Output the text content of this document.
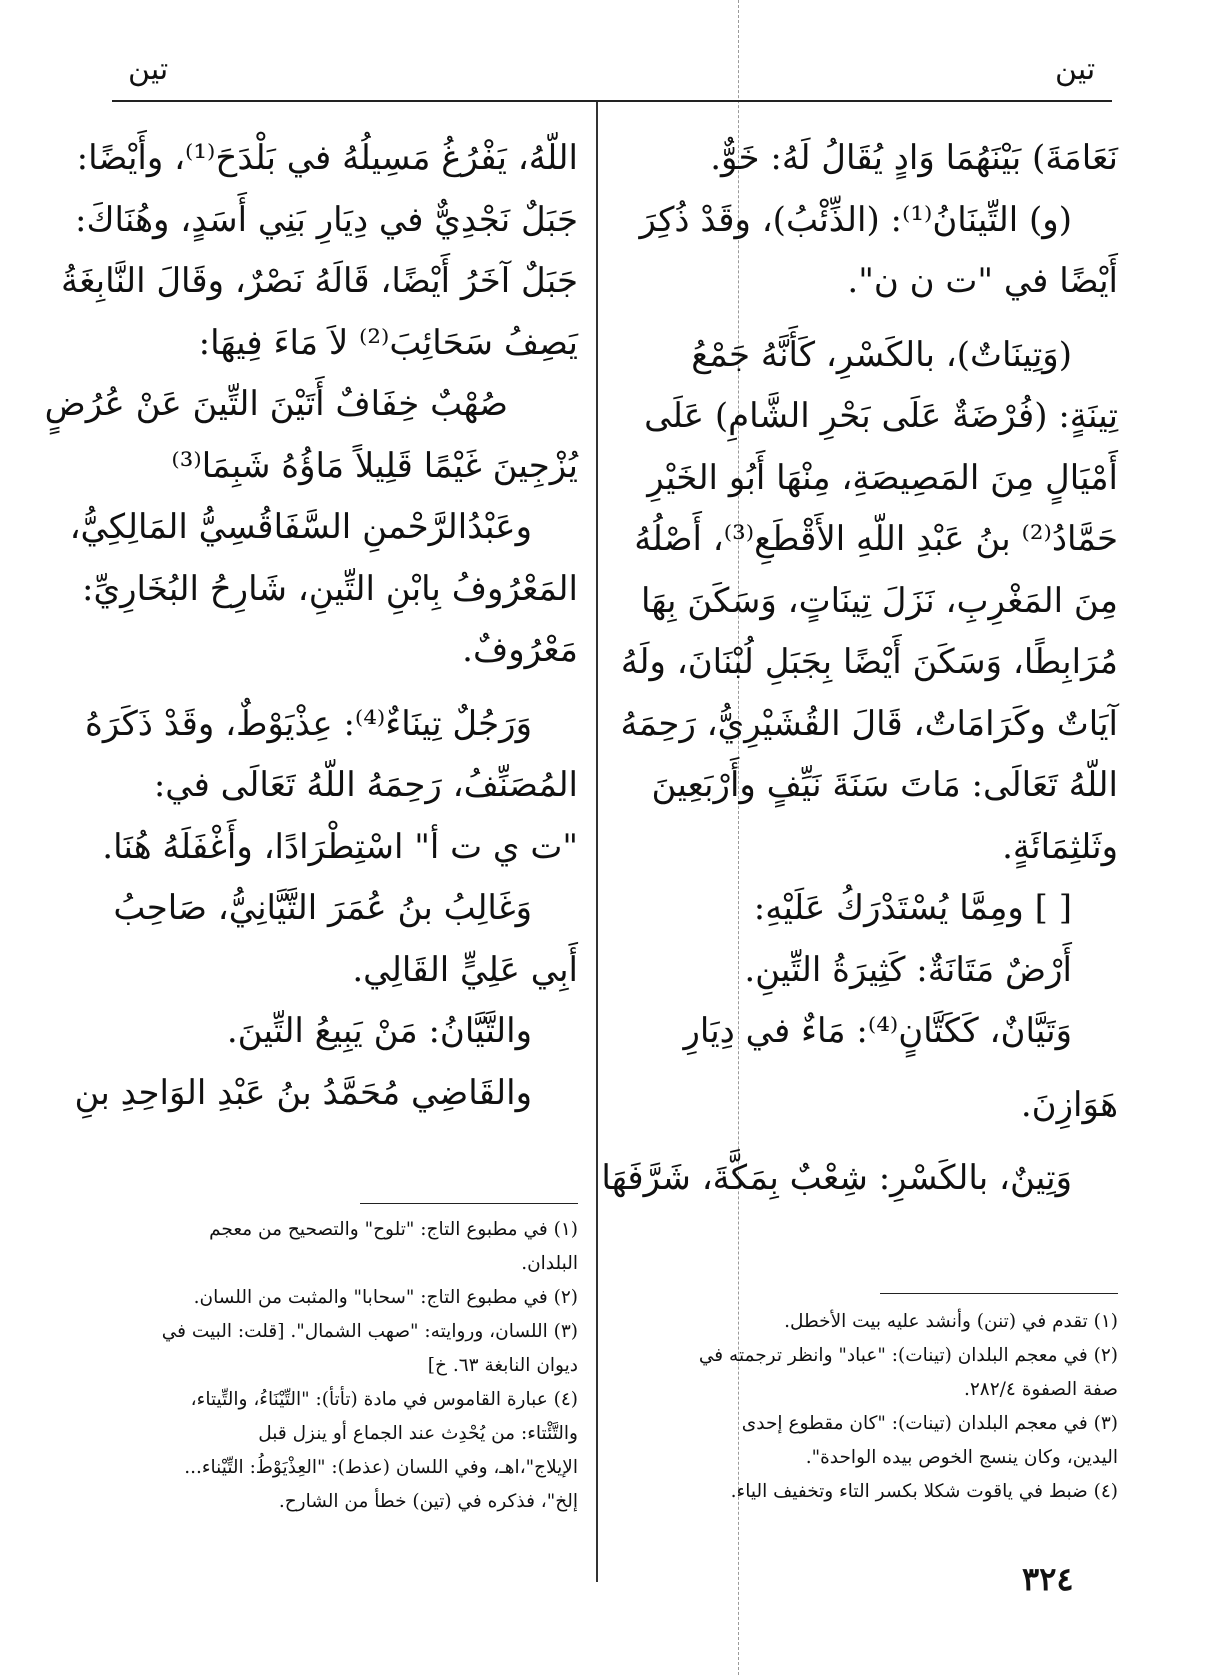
تين
تين

نَعَامَةَ) بَيْنَهُمَا وَادٍ يُقَالُ لَهُ: خَوٌّ.

(و) التِّينَانُ⁽¹⁾: (الذِّئْبُ)، وقَدْ ذُكِرَ

أَيْضًا في "ت ن ن".

(وَتِينَاتٌ)، بالكَسْرِ، كَأَنَّهُ جَمْعُ

تِينَةٍ: (فُرْضَةٌ عَلَى بَحْرِ الشَّامِ) عَلَى

أَمْيَالٍ مِنَ المَصِيصَةِ، مِنْهَا أَبُو الخَيْرِ

حَمَّادُ⁽²⁾ بنُ عَبْدِ اللّهِ الأَقْطَعِ⁽³⁾، أَصْلُهُ

مِنَ المَغْرِبِ، نَزَلَ تِينَاتٍ، وَسَكَنَ بِهَا

مُرَابِطًا، وَسَكَنَ أَيْضًا بِجَبَلِ لُبْنَانَ، ولَهُ

آيَاتٌ وكَرَامَاتٌ، قَالَ القُشَيْرِيُّ، رَحِمَهُ

اللّهُ تَعَالَى: مَاتَ سَنَةَ نَيِّفٍ وأَرْبَعِينَ

وثَلثِمَائَةٍ.

[ ] ومِمَّا يُسْتَدْرَكُ عَلَيْهِ:

أَرْضٌ مَتَانَةٌ: كَثِيرَةُ التِّينِ.

وَتَيَّانٌ، كَكَتَّانٍ⁽⁴⁾: مَاءٌ في دِيَارِ

هَوَازِنَ.

وَتِينٌ، بالكَسْرِ: شِعْبٌ بِمَكَّةَ، شَرَّفَهَا

اللّهُ، يَفْرُغُ مَسِيلُهُ في بَلْدَحَ⁽¹⁾، وأَيْضًا:

جَبَلٌ نَجْدِيٌّ في دِيَارِ بَنِي أَسَدٍ، وهُنَاكَ:

جَبَلٌ آخَرُ أَيْضًا، قَالَهُ نَصْرٌ، وقَالَ النَّابِغَةُ

يَصِفُ سَحَائِبَ⁽²⁾ لاَ مَاءَ فِيهَا:

صُهْبٌ خِفَافٌ أَتَيْنَ التِّينَ عَنْ عُرُضٍ

يُزْجِينَ غَيْمًا قَلِيلاً مَاؤُهُ شَبِمَا⁽³⁾

وعَبْدُالرَّحْمنِ السَّفَاقُسِيُّ المَالِكِيُّ،

المَعْرُوفُ بِابْنِ التِّينِ، شَارِحُ البُخَارِيِّ:

مَعْرُوفٌ.

وَرَجُلٌ تِينَاءٌ⁽⁴⁾: عِذْيَوْطٌ، وقَدْ ذَكَرَهُ

المُصَنِّفُ، رَحِمَهُ اللّهُ تَعَالَى في:

"ت ي ت أ" اسْتِطْرَادًا، وأَغْفَلَهُ هُنَا.

وَغَالِبُ بنُ عُمَرَ التَّيَّانِيُّ، صَاحِبُ

أَبِي عَلِيٍّ القَالِي.

والتَّيَّانُ: مَنْ يَبِيعُ التِّينَ.

والقَاضِي مُحَمَّدُ بنُ عَبْدِ الوَاحِدِ بنِ

(١) تقدم في (تنن) وأنشد عليه بيت الأخطل.

(٢) في معجم البلدان (تينات): "عباد" وانظر ترجمته في

صفة الصفوة ٢٨٢/٤.

(٣) في معجم البلدان (تينات): "كان مقطوع إحدى

اليدين، وكان ينسج الخوص بيده الواحدة".

(٤) ضبط في ياقوت شكلا بكسر التاء وتخفيف الياء.

(١) في مطبوع التاج: "تلوح" والتصحيح من معجم

البلدان.

(٢) في مطبوع التاج: "سحابا" والمثبت من اللسان.

(٣) اللسان، وروايته: "صهب الشمال". [قلت: البيت في

ديوان النابغة ٦٣. خ]

(٤) عبارة القاموس في مادة (تأتأ): "التِّيْنَاءُ، والتِّيتاء،

والتَّئْتاء: من يُحْدِث عند الجماع أو ينزل قبل

الإيلاج"،اهـ، وفي اللسان (عذط): "العِذْيَوْطُ: التِّيْناء...

إلخ"، فذكره في (تين) خطأ من الشارح.

٣٢٤
